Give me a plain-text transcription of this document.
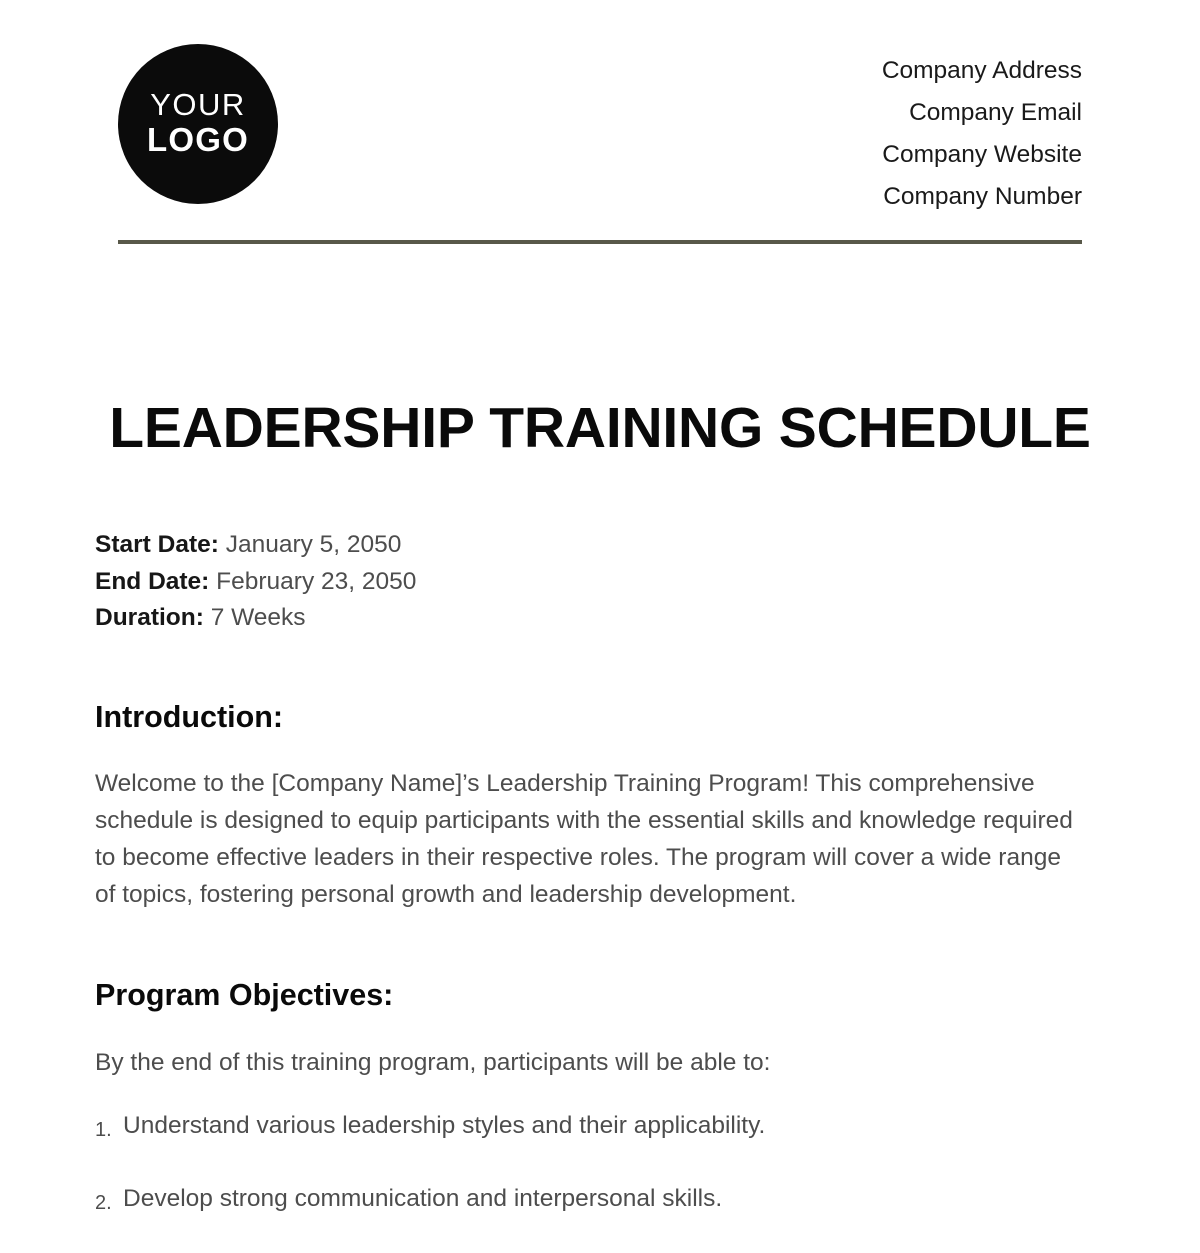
YOUR
LOGO
Company Address
Company Email
Company Website
Company Number
LEADERSHIP TRAINING SCHEDULE
Start Date: January 5, 2050
End Date: February 23, 2050
Duration: 7 Weeks
Introduction:
Welcome to the [Company Name]’s Leadership Training Program! This comprehensive schedule is designed to equip participants with the essential skills and knowledge required to become effective leaders in their respective roles. The program will cover a wide range of topics, fostering personal growth and leadership development.
Program Objectives:
By the end of this training program, participants will be able to:
1. Understand various leadership styles and their applicability.
2. Develop strong communication and interpersonal skills.
